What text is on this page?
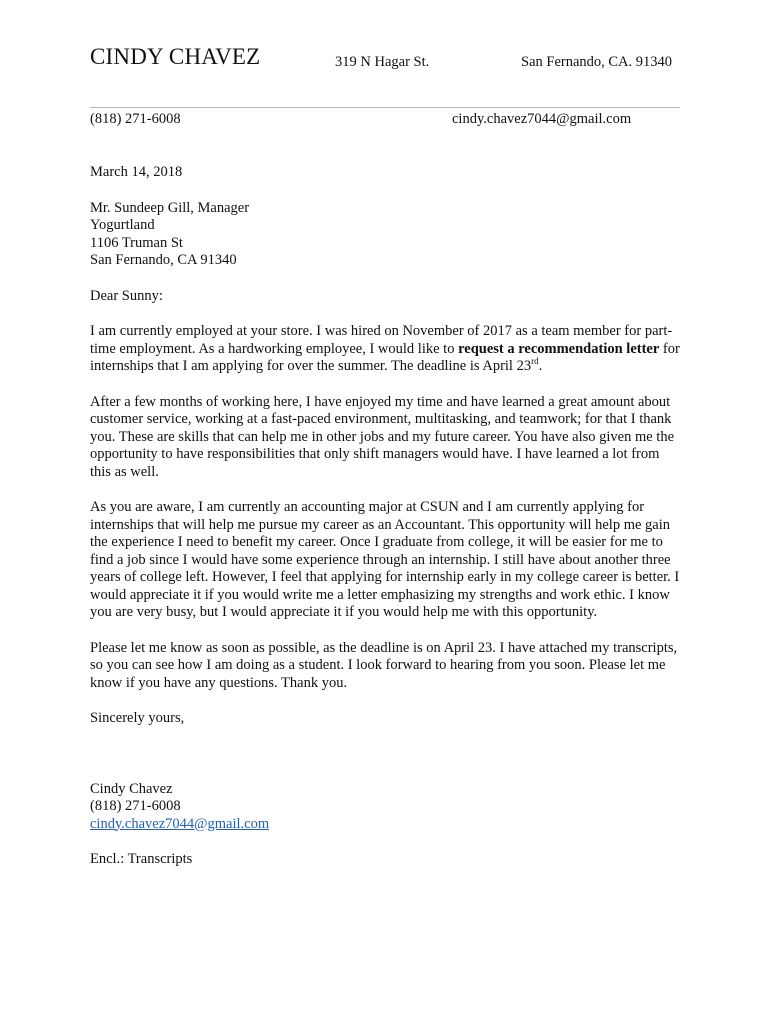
CINDY CHAVEZ	319 N Hagar St.	San Fernando, CA. 91340
(818) 271-6008	cindy.chavez7044@gmail.com

March 14, 2018

Mr. Sundeep Gill, Manager

Yogurtland

1106 Truman St

San Fernando, CA 91340

Dear Sunny:

I am currently employed at your store. I was hired on November of 2017 as a team member for part-time employment. As a hardworking employee, I would like to request a recommendation letter for internships that I am applying for over the summer. The deadline is April 23rd.

After a few months of working here, I have enjoyed my time and have learned a great amount about customer service, working at a fast-paced environment, multitasking, and teamwork; for that I thank you. These are skills that can help me in other jobs and my future career. You have also given me the opportunity to have responsibilities that only shift managers would have. I have learned a lot from this as well.

As you are aware, I am currently an accounting major at CSUN and I am currently applying for internships that will help me pursue my career as an Accountant. This opportunity will help me gain the experience I need to benefit my career. Once I graduate from college, it will be easier for me to find a job since I would have some experience through an internship. I still have about another three years of college left. However, I feel that applying for internship early in my college career is better. I would appreciate it if you would write me a letter emphasizing my strengths and work ethic. I know you are very busy, but I would appreciate it if you would help me with this opportunity.

Please let me know as soon as possible, as the deadline is on April 23. I have attached my transcripts, so you can see how I am doing as a student. I look forward to hearing from you soon. Please let me know if you have any questions. Thank you.

Sincerely yours,

Cindy Chavez

(818) 271-6008

cindy.chavez7044@gmail.com

Encl.: Transcripts
